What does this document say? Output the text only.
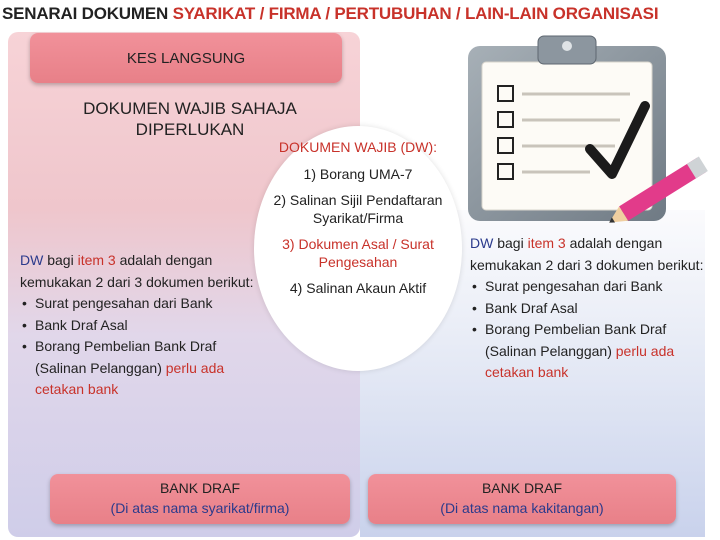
SENARAI DOKUMEN SYARIKAT / FIRMA / PERTUBUHAN / LAIN-LAIN ORGANISASI
KES LANGSUNG
DOKUMEN WAJIB SAHAJA
DIPERLUKAN
DOKUMEN WAJIB (DW):
1) Borang UMA-7
2) Salinan Sijil Pendaftaran Syarikat/Firma
3) Dokumen Asal / Surat Pengesahan
4) Salinan Akaun Aktif
DW bagi item 3 adalah dengan kemukakan 2 dari 3 dokumen berikut:
• Surat pengesahan dari Bank
• Bank Draf Asal
• Borang Pembelian Bank Draf (Salinan Pelanggan) perlu ada cetakan bank
DW bagi item 3 adalah dengan kemukakan 2 dari 3 dokumen berikut:
• Surat pengesahan dari Bank
• Bank Draf Asal
• Borang Pembelian Bank Draf (Salinan Pelanggan) perlu ada cetakan bank
BANK DRAF
(Di atas nama syarikat/firma)
BANK DRAF
(Di atas nama kakitangan)
